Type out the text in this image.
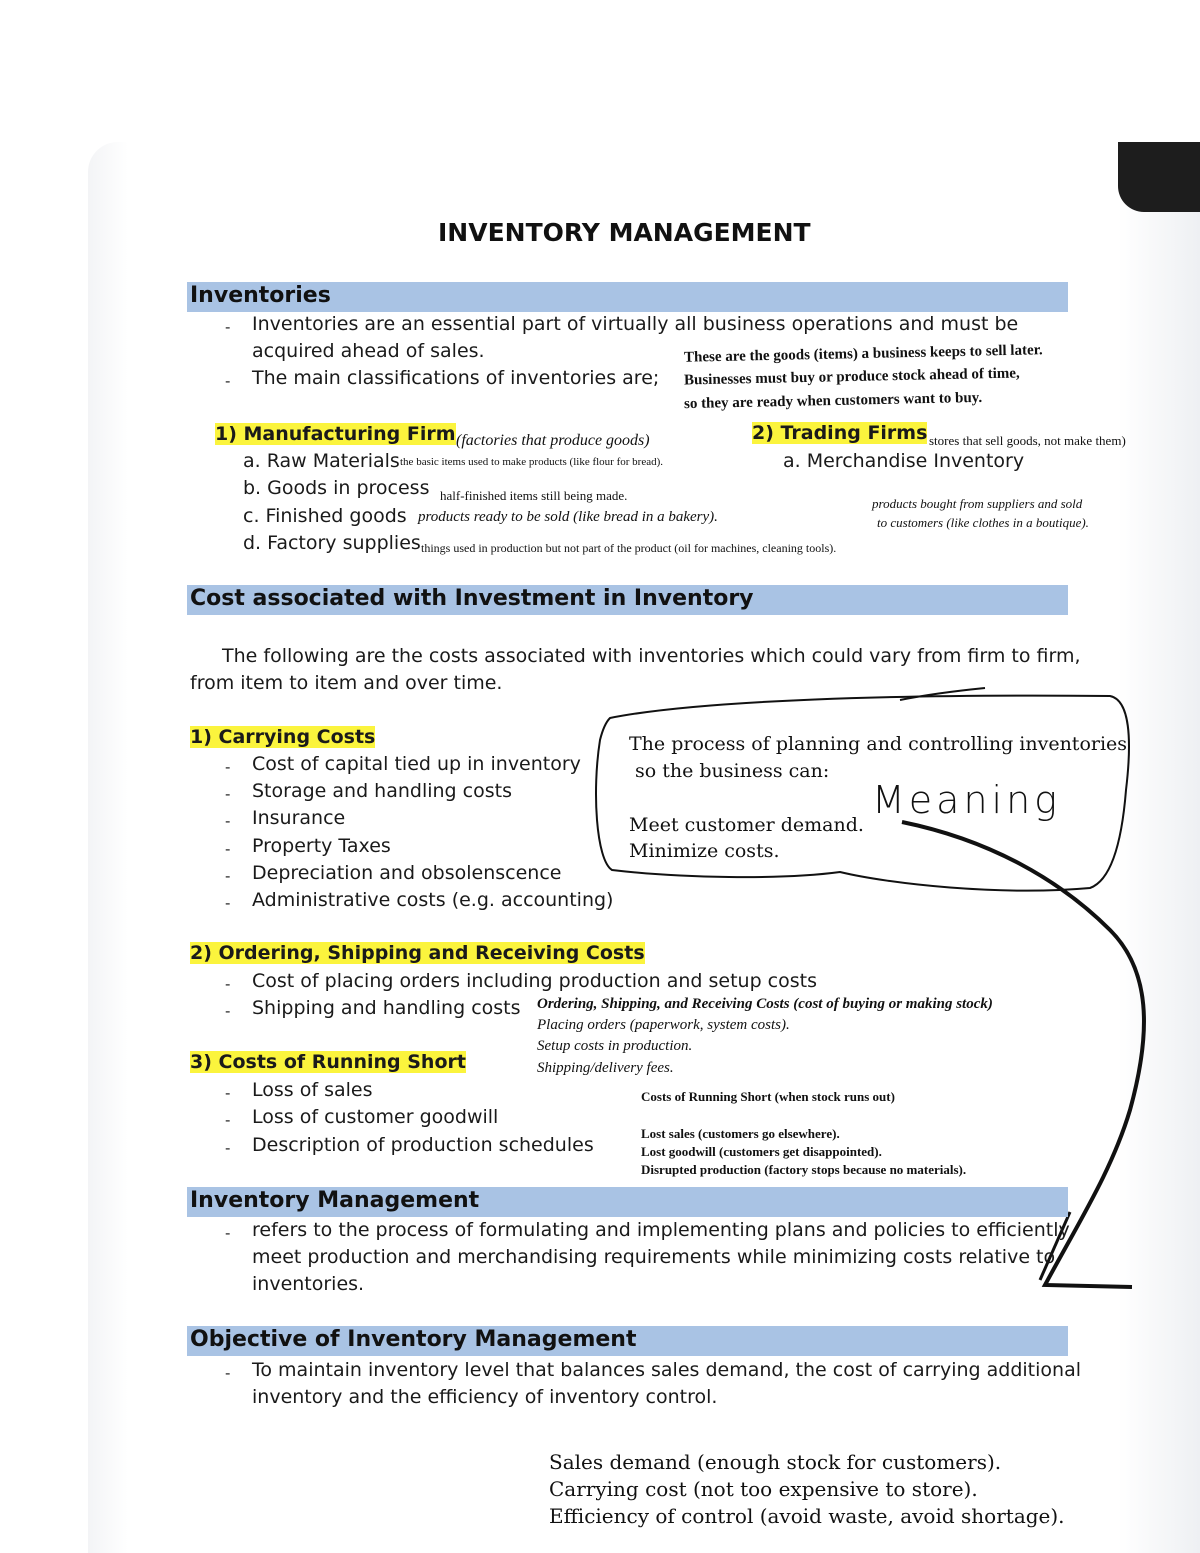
INVENTORY MANAGEMENT
Inventories
- Inventories are an essential part of virtually all business operations and must be
acquired ahead of sales.
- The main classifications of inventories are;
These are the goods (items) a business keeps to sell later.
Businesses must buy or produce stock ahead of time,
so they are ready when customers want to buy.
1) Manufacturing Firm (factories that produce goods)	2) Trading Firms stores that sell goods, not make them)
a. Raw Materials the basic items used to make products (like flour for bread).	a. Merchandise Inventory
b. Goods in process half-finished items still being made.
products bought from suppliers and sold
to customers (like clothes in a boutique).
c. Finished goods products ready to be sold (like bread in a bakery).
d. Factory supplies things used in production but not part of the product (oil for machines, cleaning tools).
Cost associated with Investment in Inventory
The following are the costs associated with inventories which could vary from firm to firm,
from item to item and over time.
1) Carrying Costs
- Cost of capital tied up in inventory
- Storage and handling costs
- Insurance
- Property Taxes
- Depreciation and obsolenscence
- Administrative costs (e.g. accounting)
The process of planning and controlling inventories
so the business can:
Meet customer demand.
Minimize costs.
Meaning
2) Ordering, Shipping and Receiving Costs
- Cost of placing orders including production and setup costs
- Shipping and handling costs Ordering, Shipping, and Receiving Costs (cost of buying or making stock)
Placing orders (paperwork, system costs).
Setup costs in production.
Shipping/delivery fees.
3) Costs of Running Short
- Loss of sales
- Loss of customer goodwill
- Description of production schedules
Costs of Running Short (when stock runs out)
Lost sales (customers go elsewhere).
Lost goodwill (customers get disappointed).
Disrupted production (factory stops because no materials).
Inventory Management
- refers to the process of formulating and implementing plans and policies to efficiently
meet production and merchandising requirements while minimizing costs relative to
inventories.
Objective of Inventory Management
- To maintain inventory level that balances sales demand, the cost of carrying additional
inventory and the efficiency of inventory control.
Sales demand (enough stock for customers).
Carrying cost (not too expensive to store).
Efficiency of control (avoid waste, avoid shortage).
